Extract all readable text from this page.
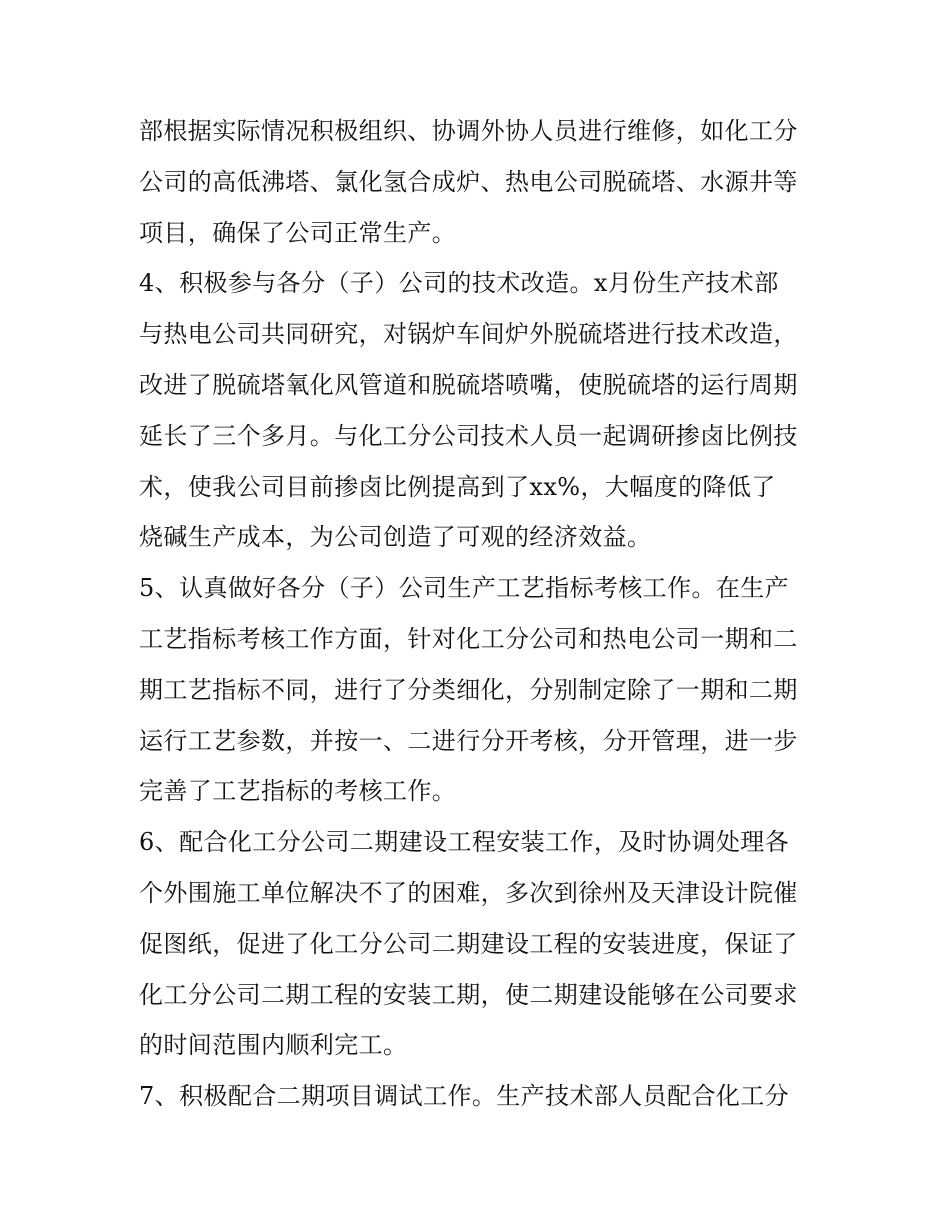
部根据实际情况积极组织、协调外协人员进行维修，如化工分
公司的高低沸塔、氯化氢合成炉、热电公司脱硫塔、水源井等
项目，确保了公司正常生产。
4、积极参与各分（子）公司的技术改造。x月份生产技术部
与热电公司共同研究，对锅炉车间炉外脱硫塔进行技术改造，
改进了脱硫塔氧化风管道和脱硫塔喷嘴，使脱硫塔的运行周期
延长了三个多月。与化工分公司技术人员一起调研掺卤比例技
术，使我公司目前掺卤比例提高到了xx%，大幅度的降低了
烧碱生产成本，为公司创造了可观的经济效益。
5、认真做好各分（子）公司生产工艺指标考核工作。在生产
工艺指标考核工作方面，针对化工分公司和热电公司一期和二
期工艺指标不同，进行了分类细化，分别制定除了一期和二期
运行工艺参数，并按一、二进行分开考核，分开管理，进一步
完善了工艺指标的考核工作。
6、配合化工分公司二期建设工程安装工作，及时协调处理各
个外围施工单位解决不了的困难，多次到徐州及天津设计院催
促图纸，促进了化工分公司二期建设工程的安装进度，保证了
化工分公司二期工程的安装工期，使二期建设能够在公司要求
的时间范围内顺利完工。
7、积极配合二期项目调试工作。生产技术部人员配合化工分
